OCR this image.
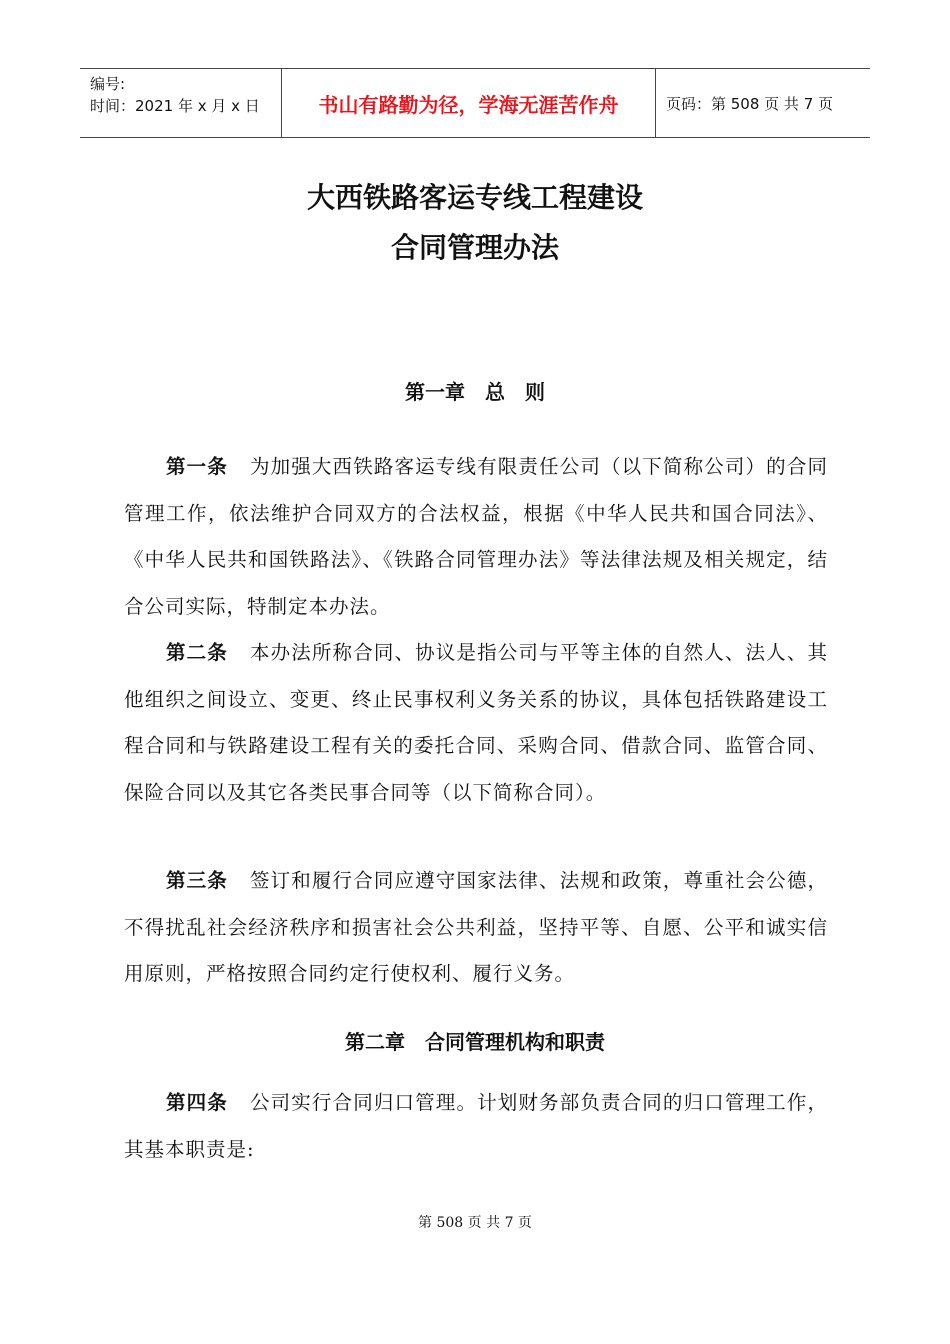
编号:
时间：2021 年 x 月 x 日	书山有路勤为径，学海无涯苦作舟	页码：第 508 页 共 7 页
大西铁路客运专线工程建设
合同管理办法
第一章　总　则
第一条 为加强大西铁路客运专线有限责任公司（以下简称公司）的合同管理工作，依法维护合同双方的合法权益，根据《中华人民共和国合同法》、《中华人民共和国铁路法》、《铁路合同管理办法》等法律法规及相关规定，结合公司实际，特制定本办法。
第二条 本办法所称合同、协议是指公司与平等主体的自然人、法人、其他组织之间设立、变更、终止民事权利义务关系的协议，具体包括铁路建设工程合同和与铁路建设工程有关的委托合同、采购合同、借款合同、监管合同、保险合同以及其它各类民事合同等（以下简称合同）。
第三条 签订和履行合同应遵守国家法律、法规和政策，尊重社会公德，不得扰乱社会经济秩序和损害社会公共利益，坚持平等、自愿、公平和诚实信用原则，严格按照合同约定行使权利、履行义务。
第二章　合同管理机构和职责
第四条 公司实行合同归口管理。计划财务部负责合同的归口管理工作，其基本职责是:
第 508 页 共 7 页
